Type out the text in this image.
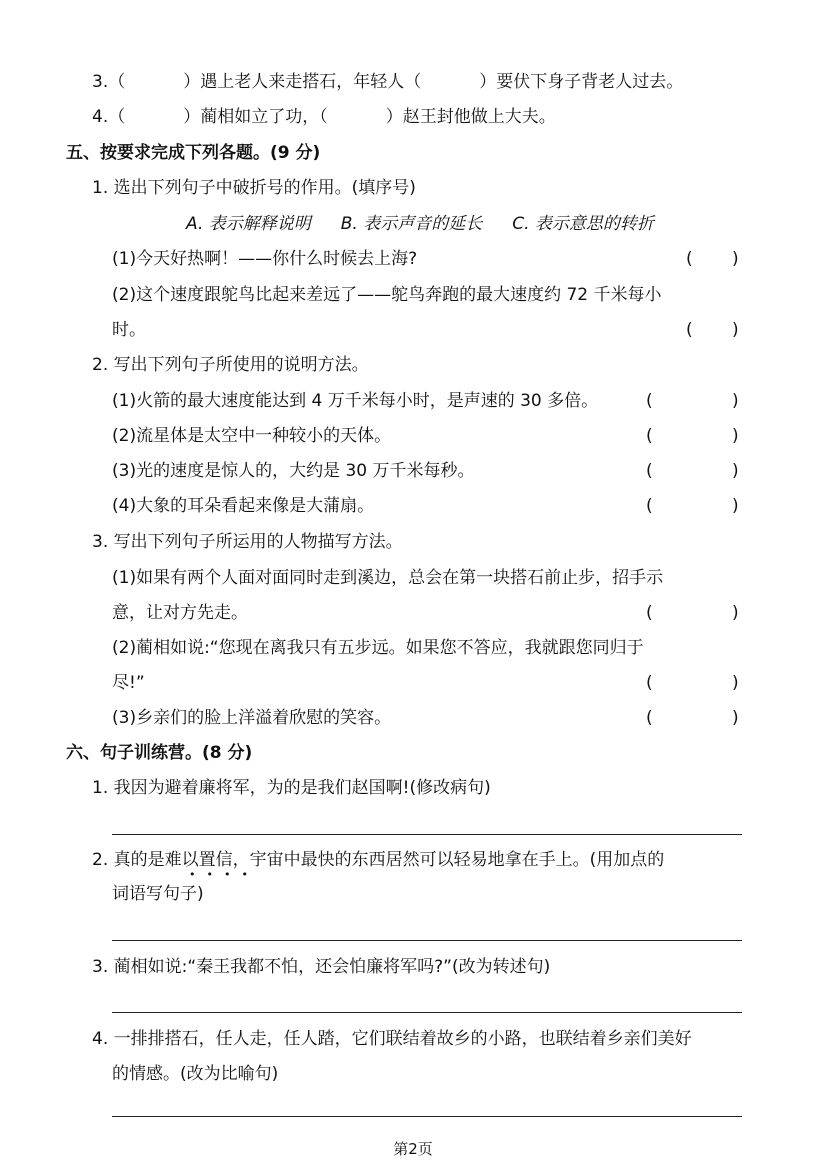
3.（	）遇上老人来走搭石，年轻人（	）要伏下身子背老人过去。
4.（	）蔺相如立了功，（	）赵王封他做上大夫。
五、按要求完成下列各题。(9 分)
1. 选出下列句子中破折号的作用。(填序号)
A. 表示解释说明 B. 表示声音的延长 C. 表示意思的转折
(1)今天好热啊！——你什么时候去上海?	( )
(2)这个速度跟鸵鸟比起来差远了——鸵鸟奔跑的最大速度约 72 千米每小
时。	( )
2. 写出下列句子所使用的说明方法。
(1)火箭的最大速度能达到 4 万千米每小时，是声速的 30 多倍。	(	)
(2)流星体是太空中一种较小的天体。	(	)
(3)光的速度是惊人的，大约是 30 万千米每秒。	(	)
(4)大象的耳朵看起来像是大蒲扇。	(	)
3. 写出下列句子所运用的人物描写方法。
(1)如果有两个人面对面同时走到溪边，总会在第一块搭石前止步，招手示
意，让对方先走。	(	)
(2)蔺相如说:“您现在离我只有五步远。如果您不答应，我就跟您同归于
尽!”	(	)
(3)乡亲们的脸上洋溢着欣慰的笑容。	(	)
六、句子训练营。(8 分)
1. 我因为避着廉将军，为的是我们赵国啊!(修改病句)
2. 真的是难以置信，宇宙中最快的东西居然可以轻易地拿在手上。(用加点的
••••
词语写句子)
3. 蔺相如说:“秦王我都不怕，还会怕廉将军吗?”(改为转述句)
4. 一排排搭石，任人走，任人踏，它们联结着故乡的小路，也联结着乡亲们美好
的情感。(改为比喻句)
第2页
